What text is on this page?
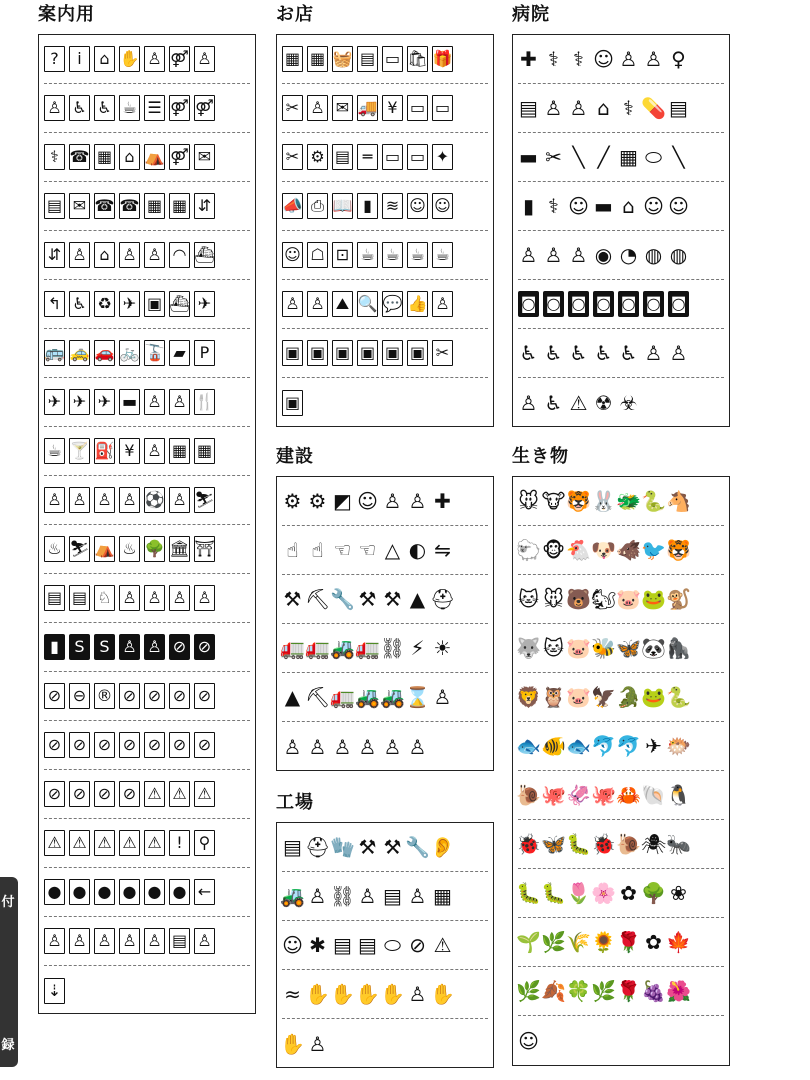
付
録
案内用
?	i	⌂ ✋ ♙ ⚤ ♙
♙ ♿ ♿ ☕ ☰ ⚤ ⚤
⚕ ☎ ▦ ⌂ ⛺ ⚤ ✉
▤ ✉ ☎ ☎ ▦ ▦ ⇵
⇵ ♙ ⌂ ♙ ♙ ◠ ⛴
↰ ♿ ♻ ✈ ▣ ⛴ ✈
🚌 🚕 🚗 🚲 🚡 ▰ P
✈ ✈ ✈ ▬ ♙ ♙ 🍴
☕ 🍸 ⛽ ¥ ♙ ▦ ▦
♙ ♙ ♙ ♙ ⚽ ♙ ⛷
♨ ⛷ ⛺ ♨ 🌳 🏛 ⛩
▤ ▤ ♘ ♙ ♙ ♙ ♙
▮ S S ♙ ♙ ⊘ ⊘
⊘ ⊖ ® ⊘ ⊘ ⊘ ⊘
⊘ ⊘ ⊘ ⊘ ⊘ ⊘ ⊘
⊘ ⊘ ⊘ ⊘ ⚠ ⚠ ⚠
⚠ ⚠ ⚠ ⚠ ⚠ ! ⚲
● ● ● ● ● ● ←
♙ ♙ ♙ ♙ ♙ ▤ ♙
⇣
お店
▦ ▦ 🧺 ▤ ▭ 🛍 🎁
✂ ♙ ✉ 🚚 ¥ ▭ ▭
✂ ⚙ ▤ ═ ▭ ▭ ✦
📣 ⎙ 📖 ▮ ≋ ☺ ☺
☺ ☖ ⊡ ☕ ☕ ☕ ☕
♙ ♙ ⛰ 🔍 💬 👍 ♙
▣ ▣ ▣ ▣ ▣ ▣ ✂
▣
病院
✚ ⚕ ⚕ ☺ ♙ ♙ ♀
▤ ♙ ♙ ⌂ ⚕ 💊 ▤
▬ ✂ ╲ ╱ ▦ ⬭ ╲
▮ ⚕ ☺ ▬ ⌂ ☺ ☺
♙ ♙ ♙ ◉ ◔ ◍ ◍
◙ ◙ ◙ ◙ ◙ ◙ ◙
♿ ♿ ♿ ♿ ♿ ♙ ♙
♙ ♿ ⚠ ☢ ☣
建設
⚙ ⚙ ◩ ☺ ♙ ♙ ✚
☝ ☝ ☜ ☜ △ ◐ ⇋
⚒ ⛏ 🔧 ⚒ ⚒ ▲ ⛑
🚛 🚛 🚜 🚛 ⛓ ⚡ ☀
▲ ⛏ 🚛 🚜 🚜 ⌛ ♙
♙ ♙ ♙ ♙ ♙ ♙
生き物
🐭 🐮 🐯 🐰 🐲 🐍 🐴
🐑 🐵 🐔 🐶 🐗 🐦 🐯
🐱 🐭 🐻 🐿 🐷 🐸 🐒
🐺 🐱 🐷 🐝 🦋 🐼 🦍
🦁 🦉 🐷 🦅 🐊 🐸 🐍
🐟 🐠 🐟 🐬 🐬 ✈ 🐡
🐌 🐙 🦑 🐙 🦀 🐚 🐧
🐞 🦋 🐛 🐞 🐌 🕷 🐜
🐛 🐛 🌷 🌸 ✿ 🌳 ❀
🌱 🌿 🌾 🌻 🌹 ✿ 🍁
🌿 🍂 🍀 🌿 🌹 🍇 🌺
☺
工場
▤ ⛑ 🧤 ⚒ ⚒ 🔧 👂
🚜 ♙ ⛓ ♙ ▤ ♙ ▦
☺ ✱ ▤ ▤ ⬭ ⊘ ⚠
≈ ✋ ✋ ✋ ✋ ♙ ✋
✋ ♙
